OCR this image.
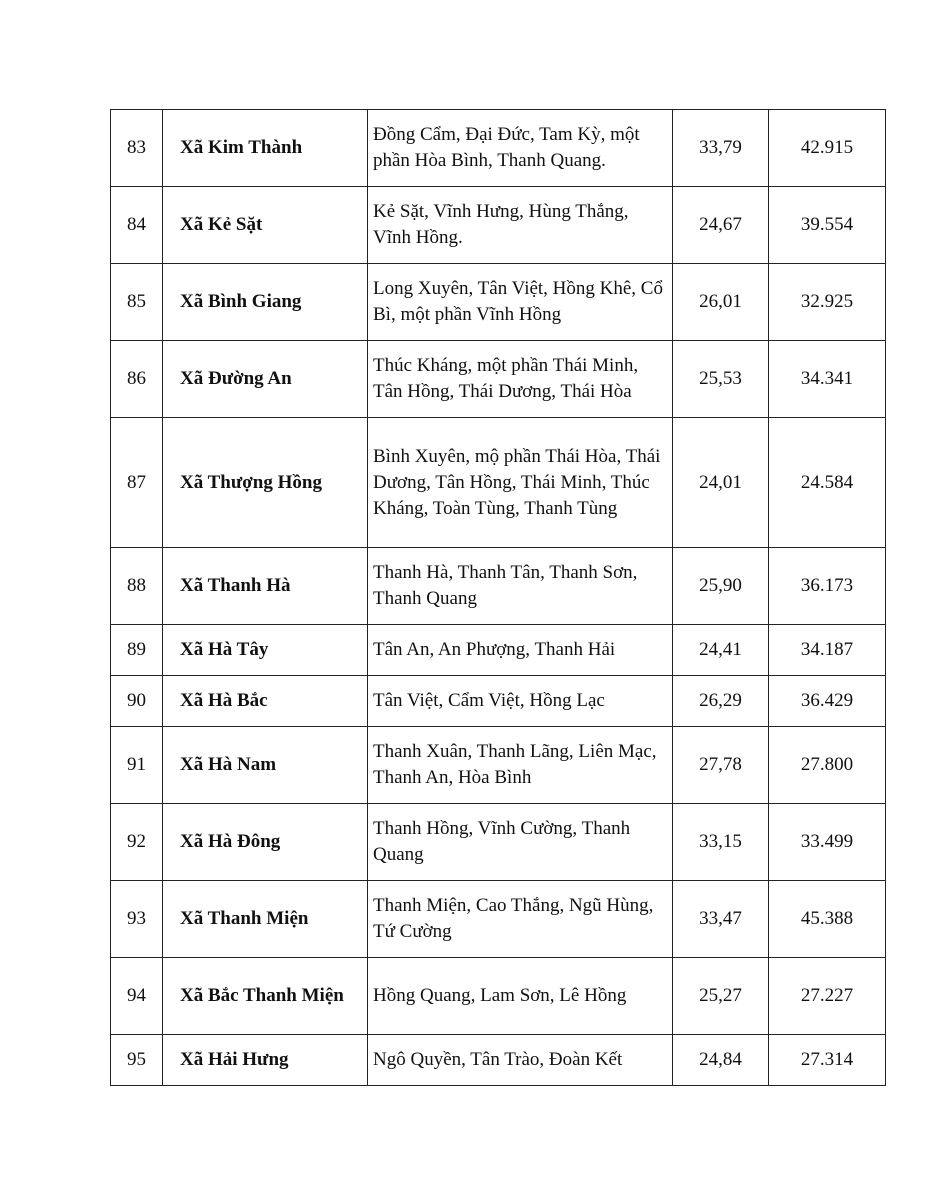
83	Xã Kim Thành	Đồng Cẩm, Đại Đức, Tam Kỳ, một phần Hòa Bình, Thanh Quang.	33,79	42.915
84	Xã Kẻ Sặt	Kẻ Sặt, Vĩnh Hưng, Hùng Thắng, Vĩnh Hồng.	24,67	39.554
85	Xã Bình Giang	Long Xuyên, Tân Việt, Hồng Khê, Cổ Bì, một phần Vĩnh Hồng	26,01	32.925
86	Xã Đường An	Thúc Kháng, một phần Thái Minh, Tân Hồng, Thái Dương, Thái Hòa	25,53	34.341
87	Xã Thượng Hồng	Bình Xuyên, mộ phần Thái Hòa, Thái Dương, Tân Hồng, Thái Minh, Thúc Kháng, Toàn Tùng, Thanh Tùng	24,01	24.584
88	Xã Thanh Hà	Thanh Hà, Thanh Tân, Thanh Sơn, Thanh Quang	25,90	36.173
89	Xã Hà Tây	Tân An, An Phượng, Thanh Hải	24,41	34.187
90	Xã Hà Bắc	Tân Việt, Cẩm Việt, Hồng Lạc	26,29	36.429
91	Xã Hà Nam	Thanh Xuân, Thanh Lãng, Liên Mạc, Thanh An, Hòa Bình	27,78	27.800
92	Xã Hà Đông	Thanh Hồng, Vĩnh Cường, Thanh Quang	33,15	33.499
93	Xã Thanh Miện	Thanh Miện, Cao Thắng, Ngũ Hùng, Tứ Cường	33,47	45.388
94	Xã Bắc Thanh Miện	Hồng Quang, Lam Sơn, Lê Hồng	25,27	27.227
95	Xã Hải Hưng	Ngô Quyền, Tân Trào, Đoàn Kết	24,84	27.314
